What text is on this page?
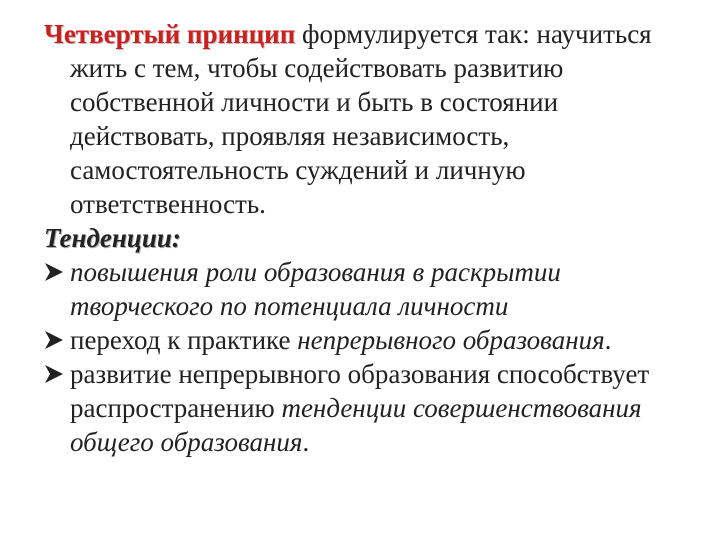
Четвертый принцип формулируется так: научиться жить с тем, чтобы содействовать развитию собственной личности и быть в состоянии действовать, проявляя независимость, самостоятельность суждений и личную ответственность.

Тенденции:

повышения роли образования в раскрытии творческого по потенциала личности
переход к практике непрерывного образования.
развитие непрерывного образования способствует распространению тенденции совершенствования общего образования.
